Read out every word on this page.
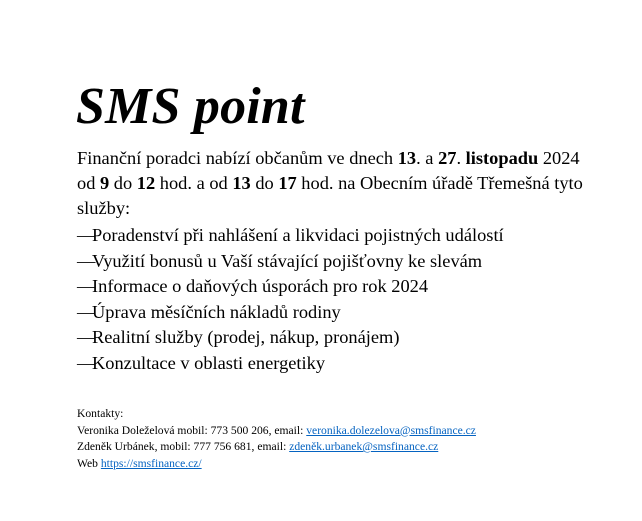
SMS point

Finanční poradci nabízí občanům ve dnech 13. a 27. listopadu 2024 od 9 do 12 hod. a od 13 do 17 hod. na Obecním úřadě Třemešná tyto služby:

—Poradenství při nahlášení a likvidaci pojistných událostí
—Využití bonusů u Vaší stávající pojišťovny ke slevám
—Informace o daňových úsporách pro rok 2024
—Úprava měsíčních nákladů rodiny
—Realitní služby (prodej, nákup, pronájem)
—Konzultace v oblasti energetiky
Kontakty:
Veronika Doleželová mobil: 773 500 206, email: veronika.dolezelova@smsfinance.cz
Zdeněk Urbánek, mobil: 777 756 681, email: zdeněk.urbanek@smsfinance.cz
Web https://smsfinance.cz/
